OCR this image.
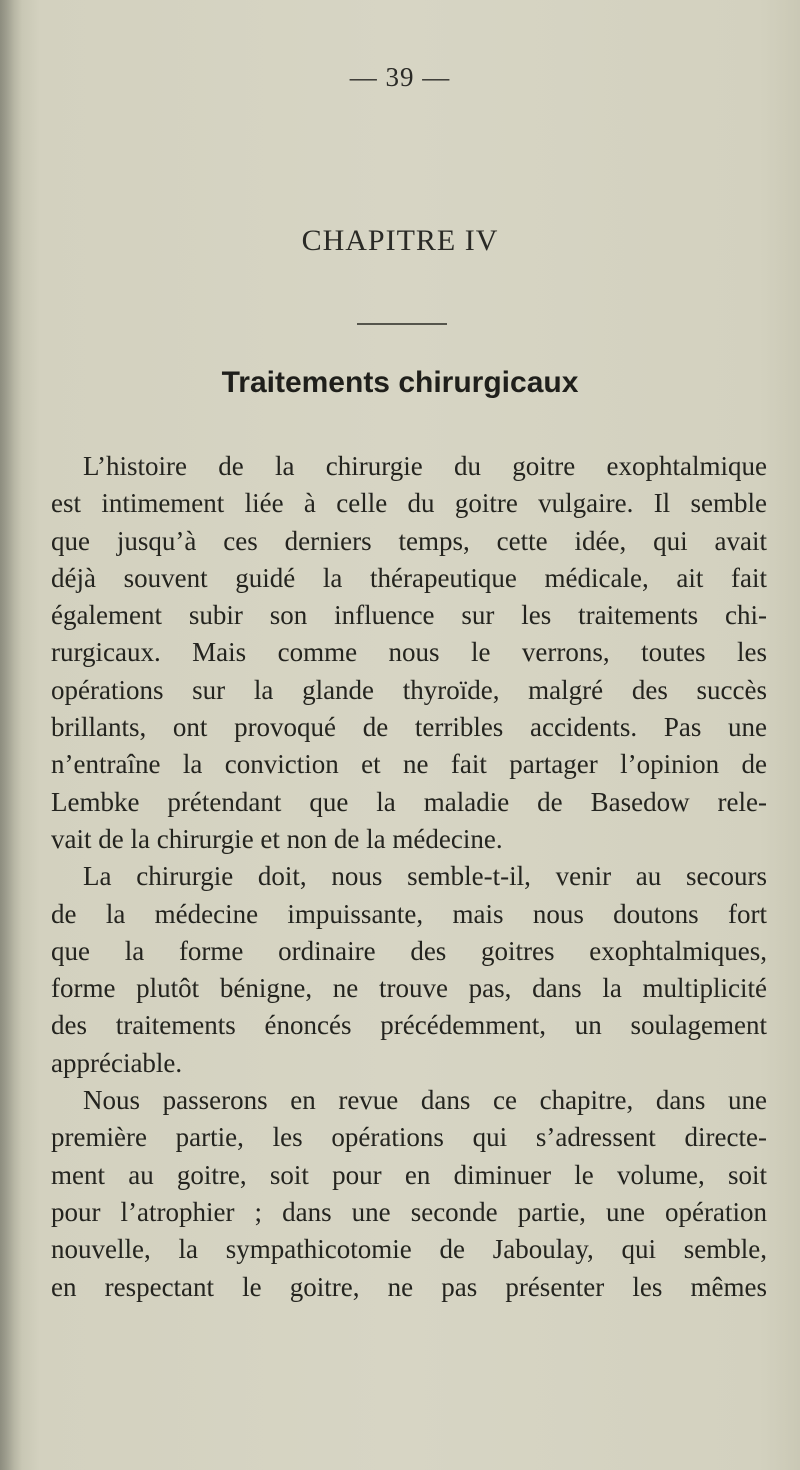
— 39 —
CHAPITRE IV
Traitements chirurgicaux
L’histoire de la chirurgie du goitre exophtalmique
est intimement liée à celle du goitre vulgaire. Il semble
que jusqu’à ces derniers temps, cette idée, qui avait
déjà souvent guidé la thérapeutique médicale, ait fait
également subir son influence sur les traitements chi-
rurgicaux. Mais comme nous le verrons, toutes les
opérations sur la glande thyroïde, malgré des succès
brillants, ont provoqué de terribles accidents. Pas une
n’entraîne la conviction et ne fait partager l’opinion de
Lembke prétendant que la maladie de Basedow rele-
vait de la chirurgie et non de la médecine.
La chirurgie doit, nous semble-t-il, venir au secours
de la médecine impuissante, mais nous doutons fort
que la forme ordinaire des goitres exophtalmiques,
forme plutôt bénigne, ne trouve pas, dans la multiplicité
des traitements énoncés précédemment, un soulagement
appréciable.
Nous passerons en revue dans ce chapitre, dans une
première partie, les opérations qui s’adressent directe-
ment au goitre, soit pour en diminuer le volume, soit
pour l’atrophier ; dans une seconde partie, une opération
nouvelle, la sympathicotomie de Jaboulay, qui semble,
en respectant le goitre, ne pas présenter les mêmes
